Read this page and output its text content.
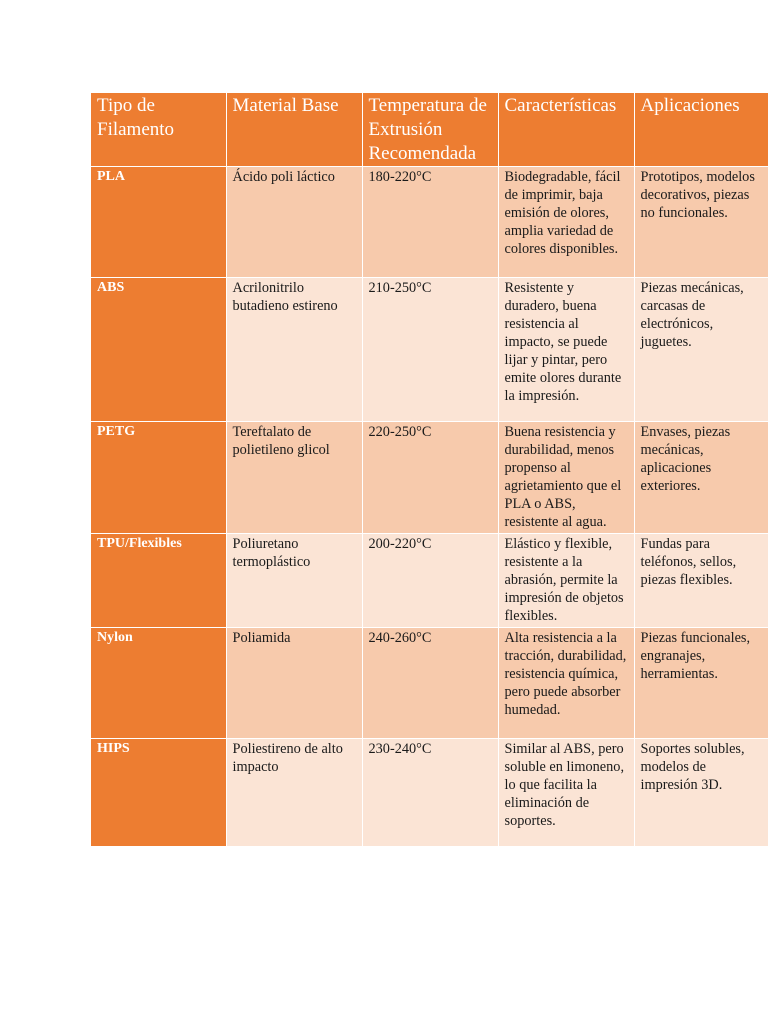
Tipo de Filamento	Material Base	Temperatura de Extrusión Recomendada	Características	Aplicaciones
PLA	Ácido poli láctico	180-220°C	Biodegradable, fácil de imprimir, baja emisión de olores, amplia variedad de colores disponibles.	Prototipos, modelos decorativos, piezas no funcionales.
ABS	Acrilonitrilo butadieno estireno	210-250°C	Resistente y duradero, buena resistencia al impacto, se puede lijar y pintar, pero emite olores durante la impresión.	Piezas mecánicas, carcasas de electrónicos, juguetes.
PETG	Tereftalato de polietileno glicol	220-250°C	Buena resistencia y durabilidad, menos propenso al agrietamiento que el PLA o ABS, resistente al agua.	Envases, piezas mecánicas, aplicaciones exteriores.
TPU/Flexibles	Poliuretano termoplástico	200-220°C	Elástico y flexible, resistente a la abrasión, permite la impresión de objetos flexibles.	Fundas para teléfonos, sellos, piezas flexibles.
Nylon	Poliamida	240-260°C	Alta resistencia a la tracción, durabilidad, resistencia química, pero puede absorber humedad.	Piezas funcionales, engranajes, herramientas.
HIPS	Poliestireno de alto impacto	230-240°C	Similar al ABS, pero soluble en limoneno, lo que facilita la eliminación de soportes.	Soportes solubles, modelos de impresión 3D.
